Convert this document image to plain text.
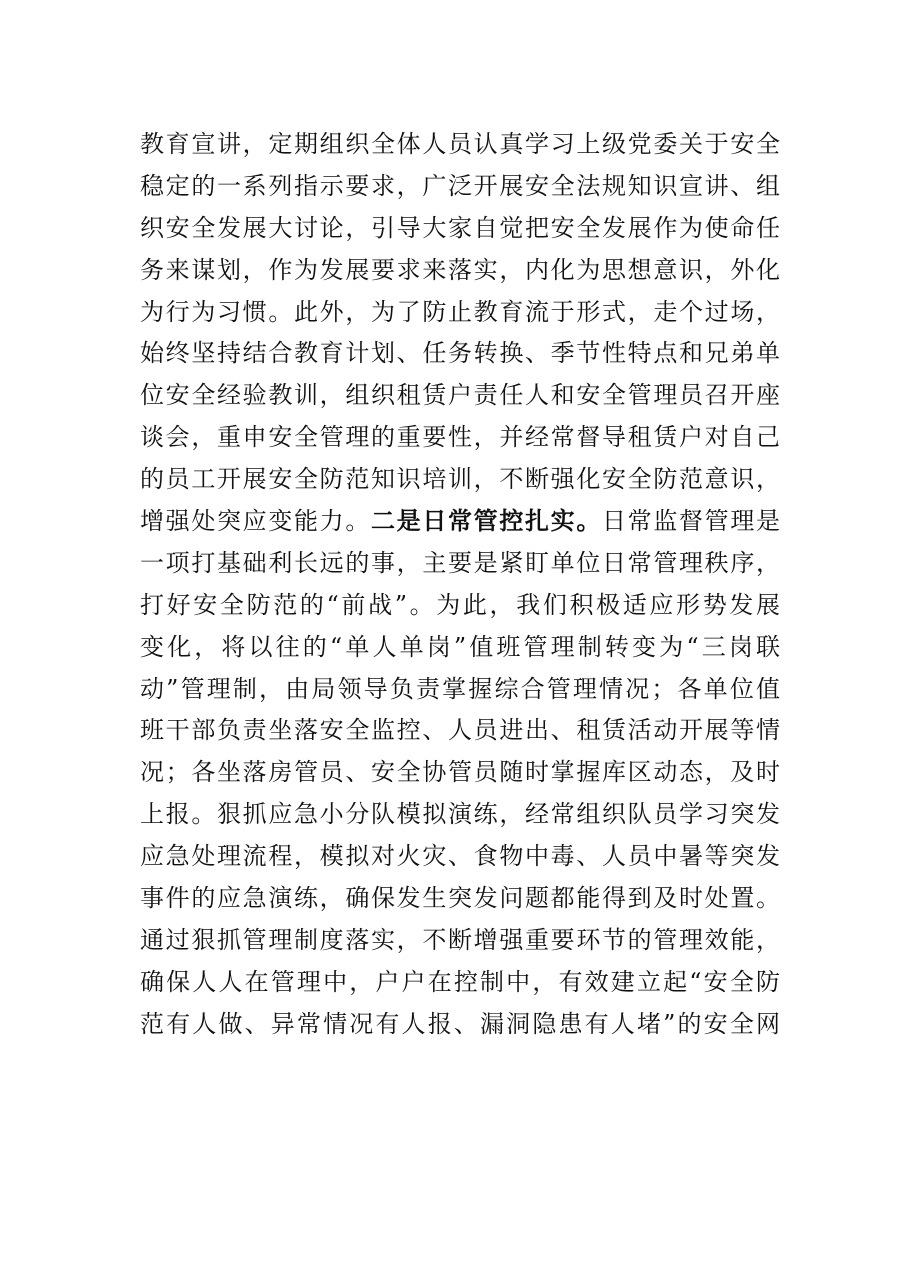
教育宣讲，定期组织全体人员认真学习上级党委关于安全
稳定的一系列指示要求，广泛开展安全法规知识宣讲、组
织安全发展大讨论，引导大家自觉把安全发展作为使命任
务来谋划，作为发展要求来落实，内化为思想意识，外化
为行为习惯。此外，为了防止教育流于形式，走个过场，
始终坚持结合教育计划、任务转换、季节性特点和兄弟单
位安全经验教训，组织租赁户责任人和安全管理员召开座
谈会，重申安全管理的重要性，并经常督导租赁户对自己
的员工开展安全防范知识培训，不断强化安全防范意识，
增强处突应变能力。二是日常管控扎实。日常监督管理是
一项打基础利长远的事，主要是紧盯单位日常管理秩序，
打好安全防范的“前战”。为此，我们积极适应形势发展
变化，将以往的“单人单岗”值班管理制转变为“三岗联
动”管理制，由局领导负责掌握综合管理情况；各单位值
班干部负责坐落安全监控、人员进出、租赁活动开展等情
况；各坐落房管员、安全协管员随时掌握库区动态，及时
上报。狠抓应急小分队模拟演练，经常组织队员学习突发
应急处理流程，模拟对火灾、食物中毒、人员中暑等突发
事件的应急演练，确保发生突发问题都能得到及时处置。
通过狠抓管理制度落实，不断增强重要环节的管理效能，
确保人人在管理中，户户在控制中，有效建立起“安全防
范有人做、异常情况有人报、漏洞隐患有人堵”的安全网
